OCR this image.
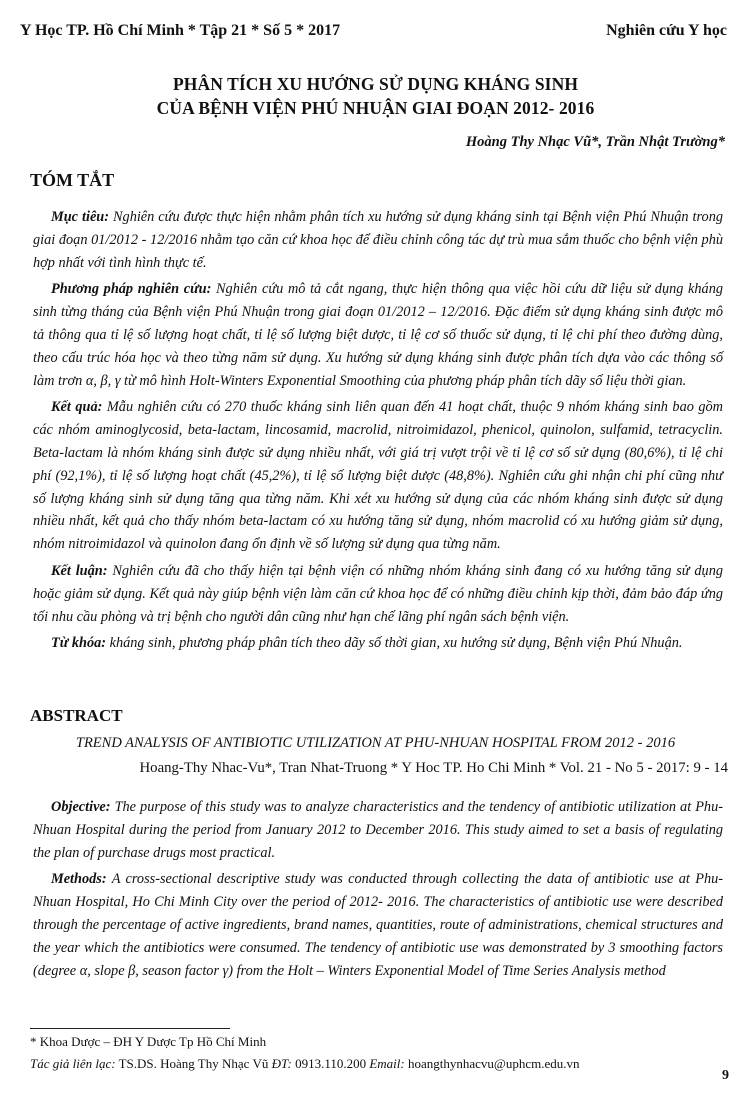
Y Học TP. Hồ Chí Minh * Tập 21 * Số 5 * 2017	Nghiên cứu Y học
PHÂN TÍCH XU HƯỚNG SỬ DỤNG KHÁNG SINH
CỦA BỆNH VIỆN PHÚ NHUẬN GIAI ĐOẠN 2012- 2016
Hoàng Thy Nhạc Vũ*, Trần Nhật Trường*
TÓM TẮT

Mục tiêu: Nghiên cứu được thực hiện nhằm phân tích xu hướng sử dụng kháng sinh tại Bệnh viện Phú Nhuận trong giai đoạn 01/2012 - 12/2016 nhằm tạo căn cứ khoa học để điều chỉnh công tác dự trù mua sắm thuốc cho bệnh viện phù hợp nhất với tình hình thực tế.

Phương pháp nghiên cứu: Nghiên cứu mô tả cắt ngang, thực hiện thông qua việc hồi cứu dữ liệu sử dụng kháng sinh từng tháng của Bệnh viện Phú Nhuận trong giai đoạn 01/2012 – 12/2016. Đặc điểm sử dụng kháng sinh được mô tả thông qua tỉ lệ số lượng hoạt chất, tỉ lệ số lượng biệt dược, tỉ lệ cơ số thuốc sử dụng, tỉ lệ chi phí theo đường dùng, theo cấu trúc hóa học và theo từng năm sử dụng. Xu hướng sử dụng kháng sinh được phân tích dựa vào các thông số làm trơn α, β, γ từ mô hình Holt-Winters Exponential Smoothing của phương pháp phân tích dãy số liệu thời gian.

Kết quả: Mẫu nghiên cứu có 270 thuốc kháng sinh liên quan đến 41 hoạt chất, thuộc 9 nhóm kháng sinh bao gồm các nhóm aminoglycosid, beta-lactam, lincosamid, macrolid, nitroimidazol, phenicol, quinolon, sulfamid, tetracyclin. Beta-lactam là nhóm kháng sinh được sử dụng nhiều nhất, với giá trị vượt trội về tỉ lệ cơ số sử dụng (80,6%), tỉ lệ chi phí (92,1%), tỉ lệ số lượng hoạt chất (45,2%), tỉ lệ số lượng biệt dược (48,8%). Nghiên cứu ghi nhận chi phí cũng như số lượng kháng sinh sử dụng tăng qua từng năm. Khi xét xu hướng sử dụng của các nhóm kháng sinh được sử dụng nhiều nhất, kết quả cho thấy nhóm beta-lactam có xu hướng tăng sử dụng, nhóm macrolid có xu hướng giảm sử dụng, nhóm nitroimidazol và quinolon đang ổn định về số lượng sử dụng qua từng năm.

Kết luận: Nghiên cứu đã cho thấy hiện tại bệnh viện có những nhóm kháng sinh đang có xu hướng tăng sử dụng hoặc giảm sử dụng. Kết quả này giúp bệnh viện làm căn cứ khoa học để có những điều chỉnh kịp thời, đảm bảo đáp ứng tối nhu cầu phòng và trị bệnh cho người dân cũng như hạn chế lãng phí ngân sách bệnh viện.

Từ khóa: kháng sinh, phương pháp phân tích theo dãy số thời gian, xu hướng sử dụng, Bệnh viện Phú Nhuận.

ABSTRACT
TREND ANALYSIS OF ANTIBIOTIC UTILIZATION AT PHU-NHUAN HOSPITAL FROM 2012 - 2016
Hoang-Thy Nhac-Vu*, Tran Nhat-Truong * Y Hoc TP. Ho Chi Minh * Vol. 21 - No 5 - 2017: 9 - 14

Objective: The purpose of this study was to analyze characteristics and the tendency of antibiotic utilization at Phu-Nhuan Hospital during the period from January 2012 to December 2016. This study aimed to set a basis of regulating the plan of purchase drugs most practical.

Methods: A cross-sectional descriptive study was conducted through collecting the data of antibiotic use at Phu-Nhuan Hospital, Ho Chi Minh City over the period of 2012- 2016. The characteristics of antibiotic use were described through the percentage of active ingredients, brand names, quantities, route of administrations, chemical structures and the year which the antibiotics were consumed. The tendency of antibiotic use was demonstrated by 3 smoothing factors (degree α, slope β, season factor γ) from the Holt – Winters Exponential Model of Time Series Analysis method

* Khoa Dược – ĐH Y Dược Tp Hồ Chí Minh
Tác giả liên lạc: TS.DS. Hoàng Thy Nhạc Vũ ĐT: 0913.110.200 Email: hoangthynhacvu@uphcm.edu.vn
9
